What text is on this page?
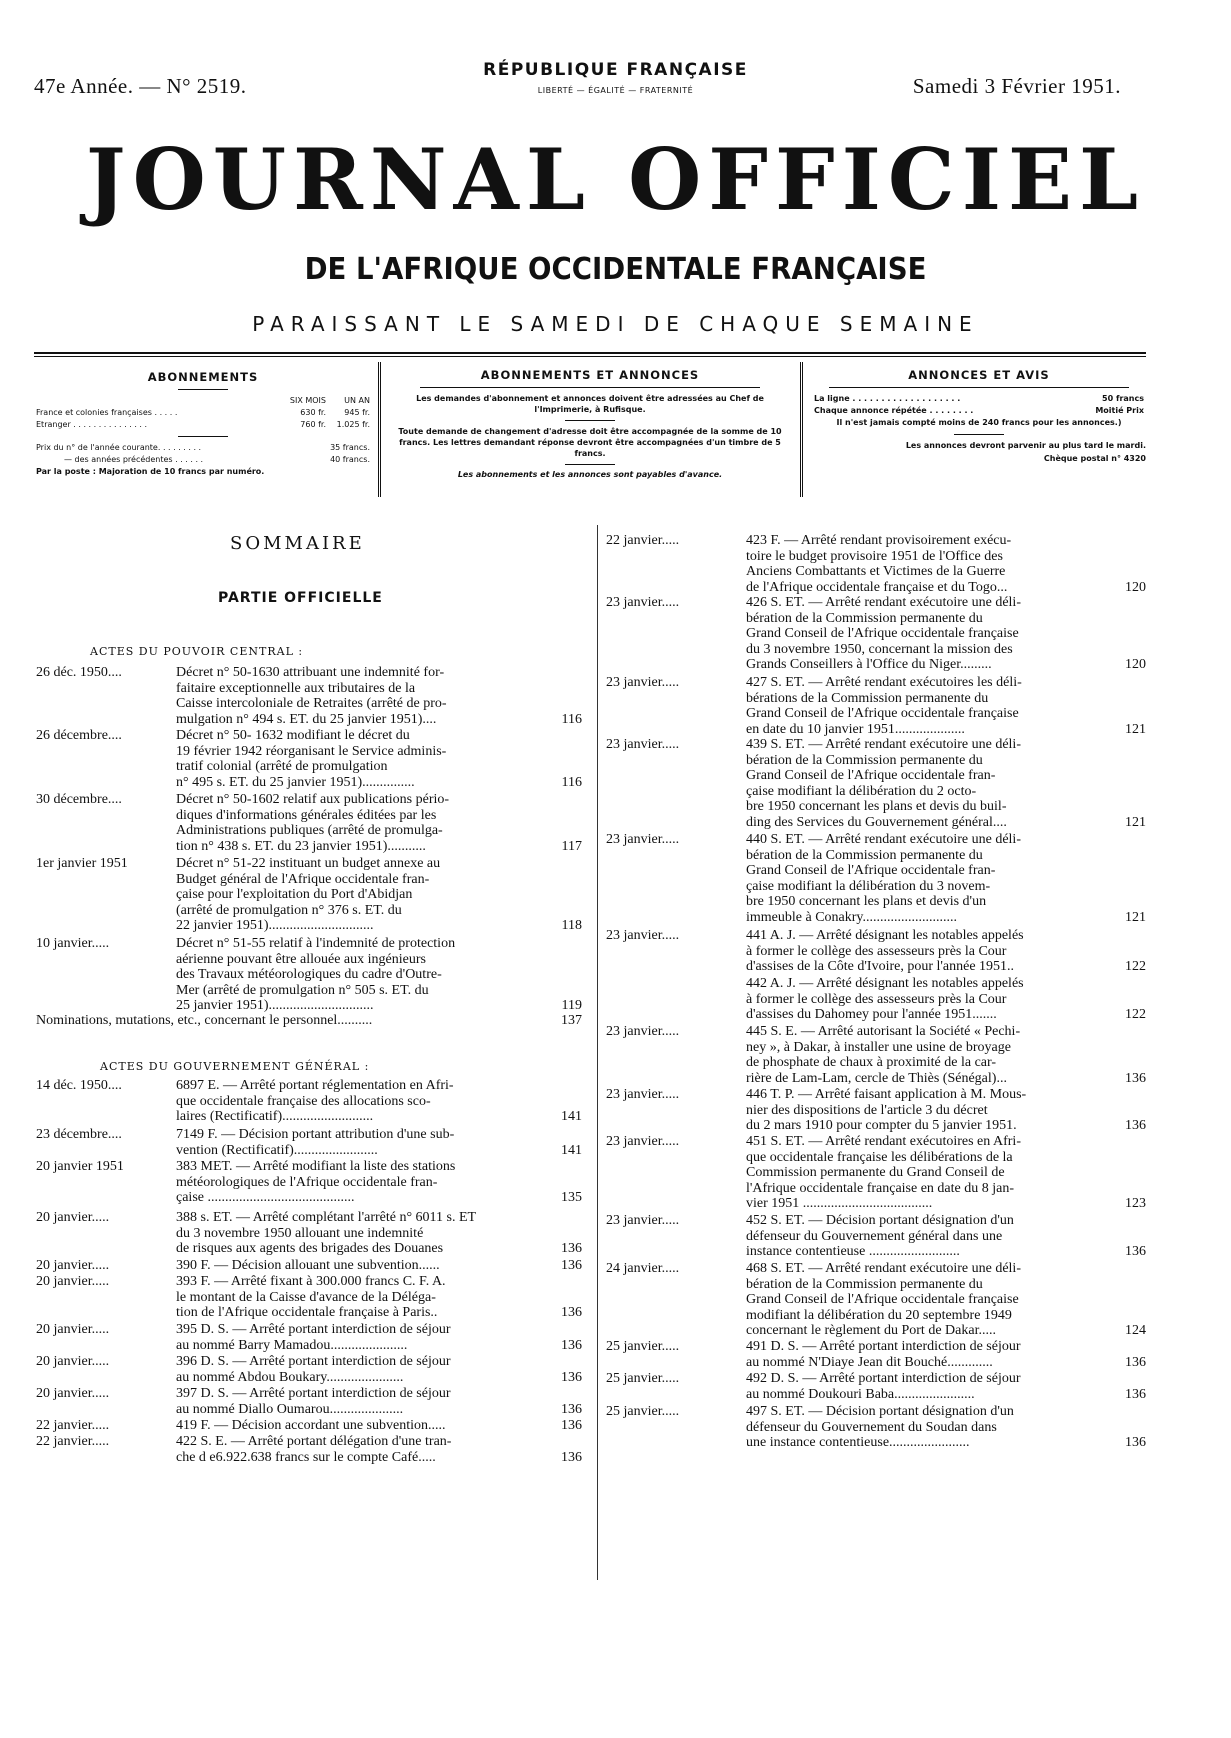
47e Année. — N° 2519.
RÉPUBLIQUE FRANÇAISE
LIBERTÉ — ÉGALITÉ — FRATERNITÉ	Samedi 3 Février 1951.
JOURNAL OFFICIEL
DE L'AFRIQUE OCCIDENTALE FRANÇAISE
PARAISSANT LE SAMEDI DE CHAQUE SEMAINE
ABONNEMENTS
	SIX MOIS	UN AN
France et colonies françaises . . . . .	630 fr.	945 fr.
Etranger . . . . . . . . . . . . . . .	760 fr.	1.025 fr.
Prix du n° de l'année courante. . . . . . . . .	35 francs.
— des années précédentes . . . . . .	40 francs.
Par la poste : Majoration de 10 francs par numéro.	
ABONNEMENTS ET ANNONCES

Les demandes d'abonnement et annonces doivent être adressées au Chef de l'Imprimerie, à Rufisque.

Toute demande de changement d'adresse doit être accompagnée de la somme de 10 francs. Les lettres demandant réponse devront être accompagnées d'un timbre de 5 francs.

Les abonnements et les annonces sont payables d'avance.

ANNONCES ET AVIS
La ligne . . . . . . . . . . . . . . . . . . .	50 francs
Chaque annonce répétée . . . . . . . .	Moitié Prix
Il n'est jamais compté moins de 240 francs pour les annonces.)	

Les annonces devront parvenir au plus tard le mardi.

Chèque postal n° 4320

SOMMAIRE
PARTIE OFFICIELLE
ACTES DU POUVOIR CENTRAL :
ACTES DU GOUVERNEMENT GÉNÉRAL :
26 déc. 1950....	Décret n° 50-1630 attribuant une indemnité for-
faitaire exceptionnelle aux tributaires de la
Caisse intercoloniale de Retraites (arrêté de pro-
mulgation n° 494 s. ET. du 25 janvier 1951)....	116
26 décembre....	Décret n° 50- 1632 modifiant le décret du
19 février 1942 réorganisant le Service adminis-
tratif colonial (arrêté de promulgation
n° 495 s. ET. du 25 janvier 1951)...............	116
30 décembre....	Décret n° 50-1602 relatif aux publications pério-
diques d'informations générales éditées par les
Administrations publiques (arrêté de promulga-
tion n° 438 s. ET. du 23 janvier 1951)...........	117
1er janvier 1951	Décret n° 51-22 instituant un budget annexe au
Budget général de l'Afrique occidentale fran-
çaise pour l'exploitation du Port d'Abidjan
(arrêté de promulgation n° 376 s. ET. du
22 janvier 1951)..............................	118
10 janvier.....	Décret n° 51-55 relatif à l'indemnité de protection
aérienne pouvant être allouée aux ingénieurs
des Travaux météorologiques du cadre d'Outre-
Mer (arrêté de promulgation n° 505 s. ET. du
25 janvier 1951)..............................	119
Nominations, mutations, etc., concernant le personnel..........	137
14 déc. 1950....	6897 E. — Arrêté portant réglementation en Afri-
que occidentale française des allocations sco-
laires (Rectificatif)..........................	141
23 décembre....	7149 F. — Décision portant attribution d'une sub-
vention (Rectificatif)........................	141
20 janvier 1951	383 MET. — Arrêté modifiant la liste des stations
météorologiques de l'Afrique occidentale fran-
çaise ..........................................	135
20 janvier.....	388 s. ET. — Arrêté complétant l'arrêté n° 6011 s. ET
du 3 novembre 1950 allouant une indemnité
de risques aux agents des brigades des Douanes	136
20 janvier.....	390 F. — Décision allouant une subvention......	136
20 janvier.....	393 F. — Arrêté fixant à 300.000 francs C. F. A.
le montant de la Caisse d'avance de la Déléga-
tion de l'Afrique occidentale française à Paris..	136
20 janvier.....	395 D. S. — Arrêté portant interdiction de séjour
au nommé Barry Mamadou......................	136
20 janvier.....	396 D. S. — Arrêté portant interdiction de séjour
au nommé Abdou Boukary......................	136
20 janvier.....	397 D. S. — Arrêté portant interdiction de séjour
au nommé Diallo Oumarou.....................	136
22 janvier.....	419 F. — Décision accordant une subvention.....	136
22 janvier.....	422 S. E. — Arrêté portant délégation d'une tran-
che d e6.922.638 francs sur le compte Café.....	136
22 janvier.....	423 F. — Arrêté rendant provisoirement exécu-
toire le budget provisoire 1951 de l'Office des
Anciens Combattants et Victimes de la Guerre
de l'Afrique occidentale française et du Togo...	120
23 janvier.....	426 S. ET. — Arrêté rendant exécutoire une déli-
bération de la Commission permanente du
Grand Conseil de l'Afrique occidentale française
du 3 novembre 1950, concernant la mission des
Grands Conseillers à l'Office du Niger.........	120
23 janvier.....	427 S. ET. — Arrêté rendant exécutoires les déli-
bérations de la Commission permanente du
Grand Conseil de l'Afrique occidentale française
en date du 10 janvier 1951....................	121
23 janvier.....	439 S. ET. — Arrêté rendant exécutoire une déli-
bération de la Commission permanente du
Grand Conseil de l'Afrique occidentale fran-
çaise modifiant la délibération du 2 octo-
bre 1950 concernant les plans et devis du buil-
ding des Services du Gouvernement général....	121
23 janvier.....	440 S. ET. — Arrêté rendant exécutoire une déli-
bération de la Commission permanente du
Grand Conseil de l'Afrique occidentale fran-
çaise modifiant la délibération du 3 novem-
bre 1950 concernant les plans et devis d'un
immeuble à Conakry...........................	121
23 janvier.....	441 A. J. — Arrêté désignant les notables appelés
à former le collège des assesseurs près la Cour
d'assises de la Côte d'Ivoire, pour l'année 1951..	122
442 A. J. — Arrêté désignant les notables appelés
à former le collège des assesseurs près la Cour
d'assises du Dahomey pour l'année 1951.......	122
23 janvier.....	445 S. E. — Arrêté autorisant la Société « Pechi-
ney », à Dakar, à installer une usine de broyage
de phosphate de chaux à proximité de la car-
rière de Lam-Lam, cercle de Thiès (Sénégal)...	136
23 janvier.....	446 T. P. — Arrêté faisant application à M. Mous-
nier des dispositions de l'article 3 du décret
du 2 mars 1910 pour compter du 5 janvier 1951.	136
23 janvier.....	451 S. ET. — Arrêté rendant exécutoires en Afri-
que occidentale française les délibérations de la
Commission permanente du Grand Conseil de
l'Afrique occidentale française en date du 8 jan-
vier 1951 .....................................	123
23 janvier.....	452 S. ET. — Décision portant désignation d'un
défenseur du Gouvernement général dans une
instance contentieuse ..........................	136
24 janvier.....	468 S. ET. — Arrêté rendant exécutoire une déli-
bération de la Commission permanente du
Grand Conseil de l'Afrique occidentale française
modifiant la délibération du 20 septembre 1949
concernant le règlement du Port de Dakar.....	124
25 janvier.....	491 D. S. — Arrêté portant interdiction de séjour
au nommé N'Diaye Jean dit Bouché.............	136
25 janvier.....	492 D. S. — Arrêté portant interdiction de séjour
au nommé Doukouri Baba.......................	136
25 janvier.....	497 S. ET. — Décision portant désignation d'un
défenseur du Gouvernement du Soudan dans
une instance contentieuse.......................	136
